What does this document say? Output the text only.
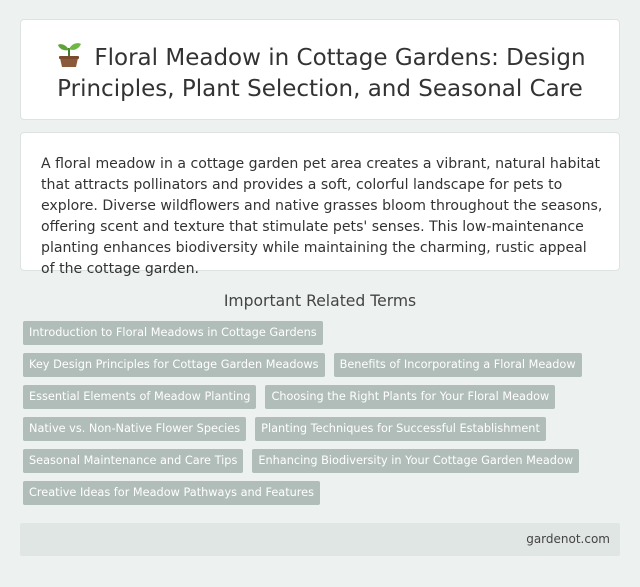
Floral Meadow in Cottage Gardens: Design Principles, Plant Selection, and Seasonal Care

A floral meadow in a cottage garden pet area creates a vibrant, natural habitat that attracts pollinators and provides a soft, colorful landscape for pets to explore. Diverse wildflowers and native grasses bloom throughout the seasons, offering scent and texture that stimulate pets' senses. This low-maintenance planting enhances biodiversity while maintaining the charming, rustic appeal of the cottage garden.

Important Related Terms
Introduction to Floral Meadows in Cottage Gardens
Key Design Principles for Cottage Garden Meadows	Benefits of Incorporating a Floral Meadow
Essential Elements of Meadow Planting	Choosing the Right Plants for Your Floral Meadow
Native vs. Non-Native Flower Species	Planting Techniques for Successful Establishment
Seasonal Maintenance and Care Tips	Enhancing Biodiversity in Your Cottage Garden Meadow
Creative Ideas for Meadow Pathways and Features
gardenot.com
